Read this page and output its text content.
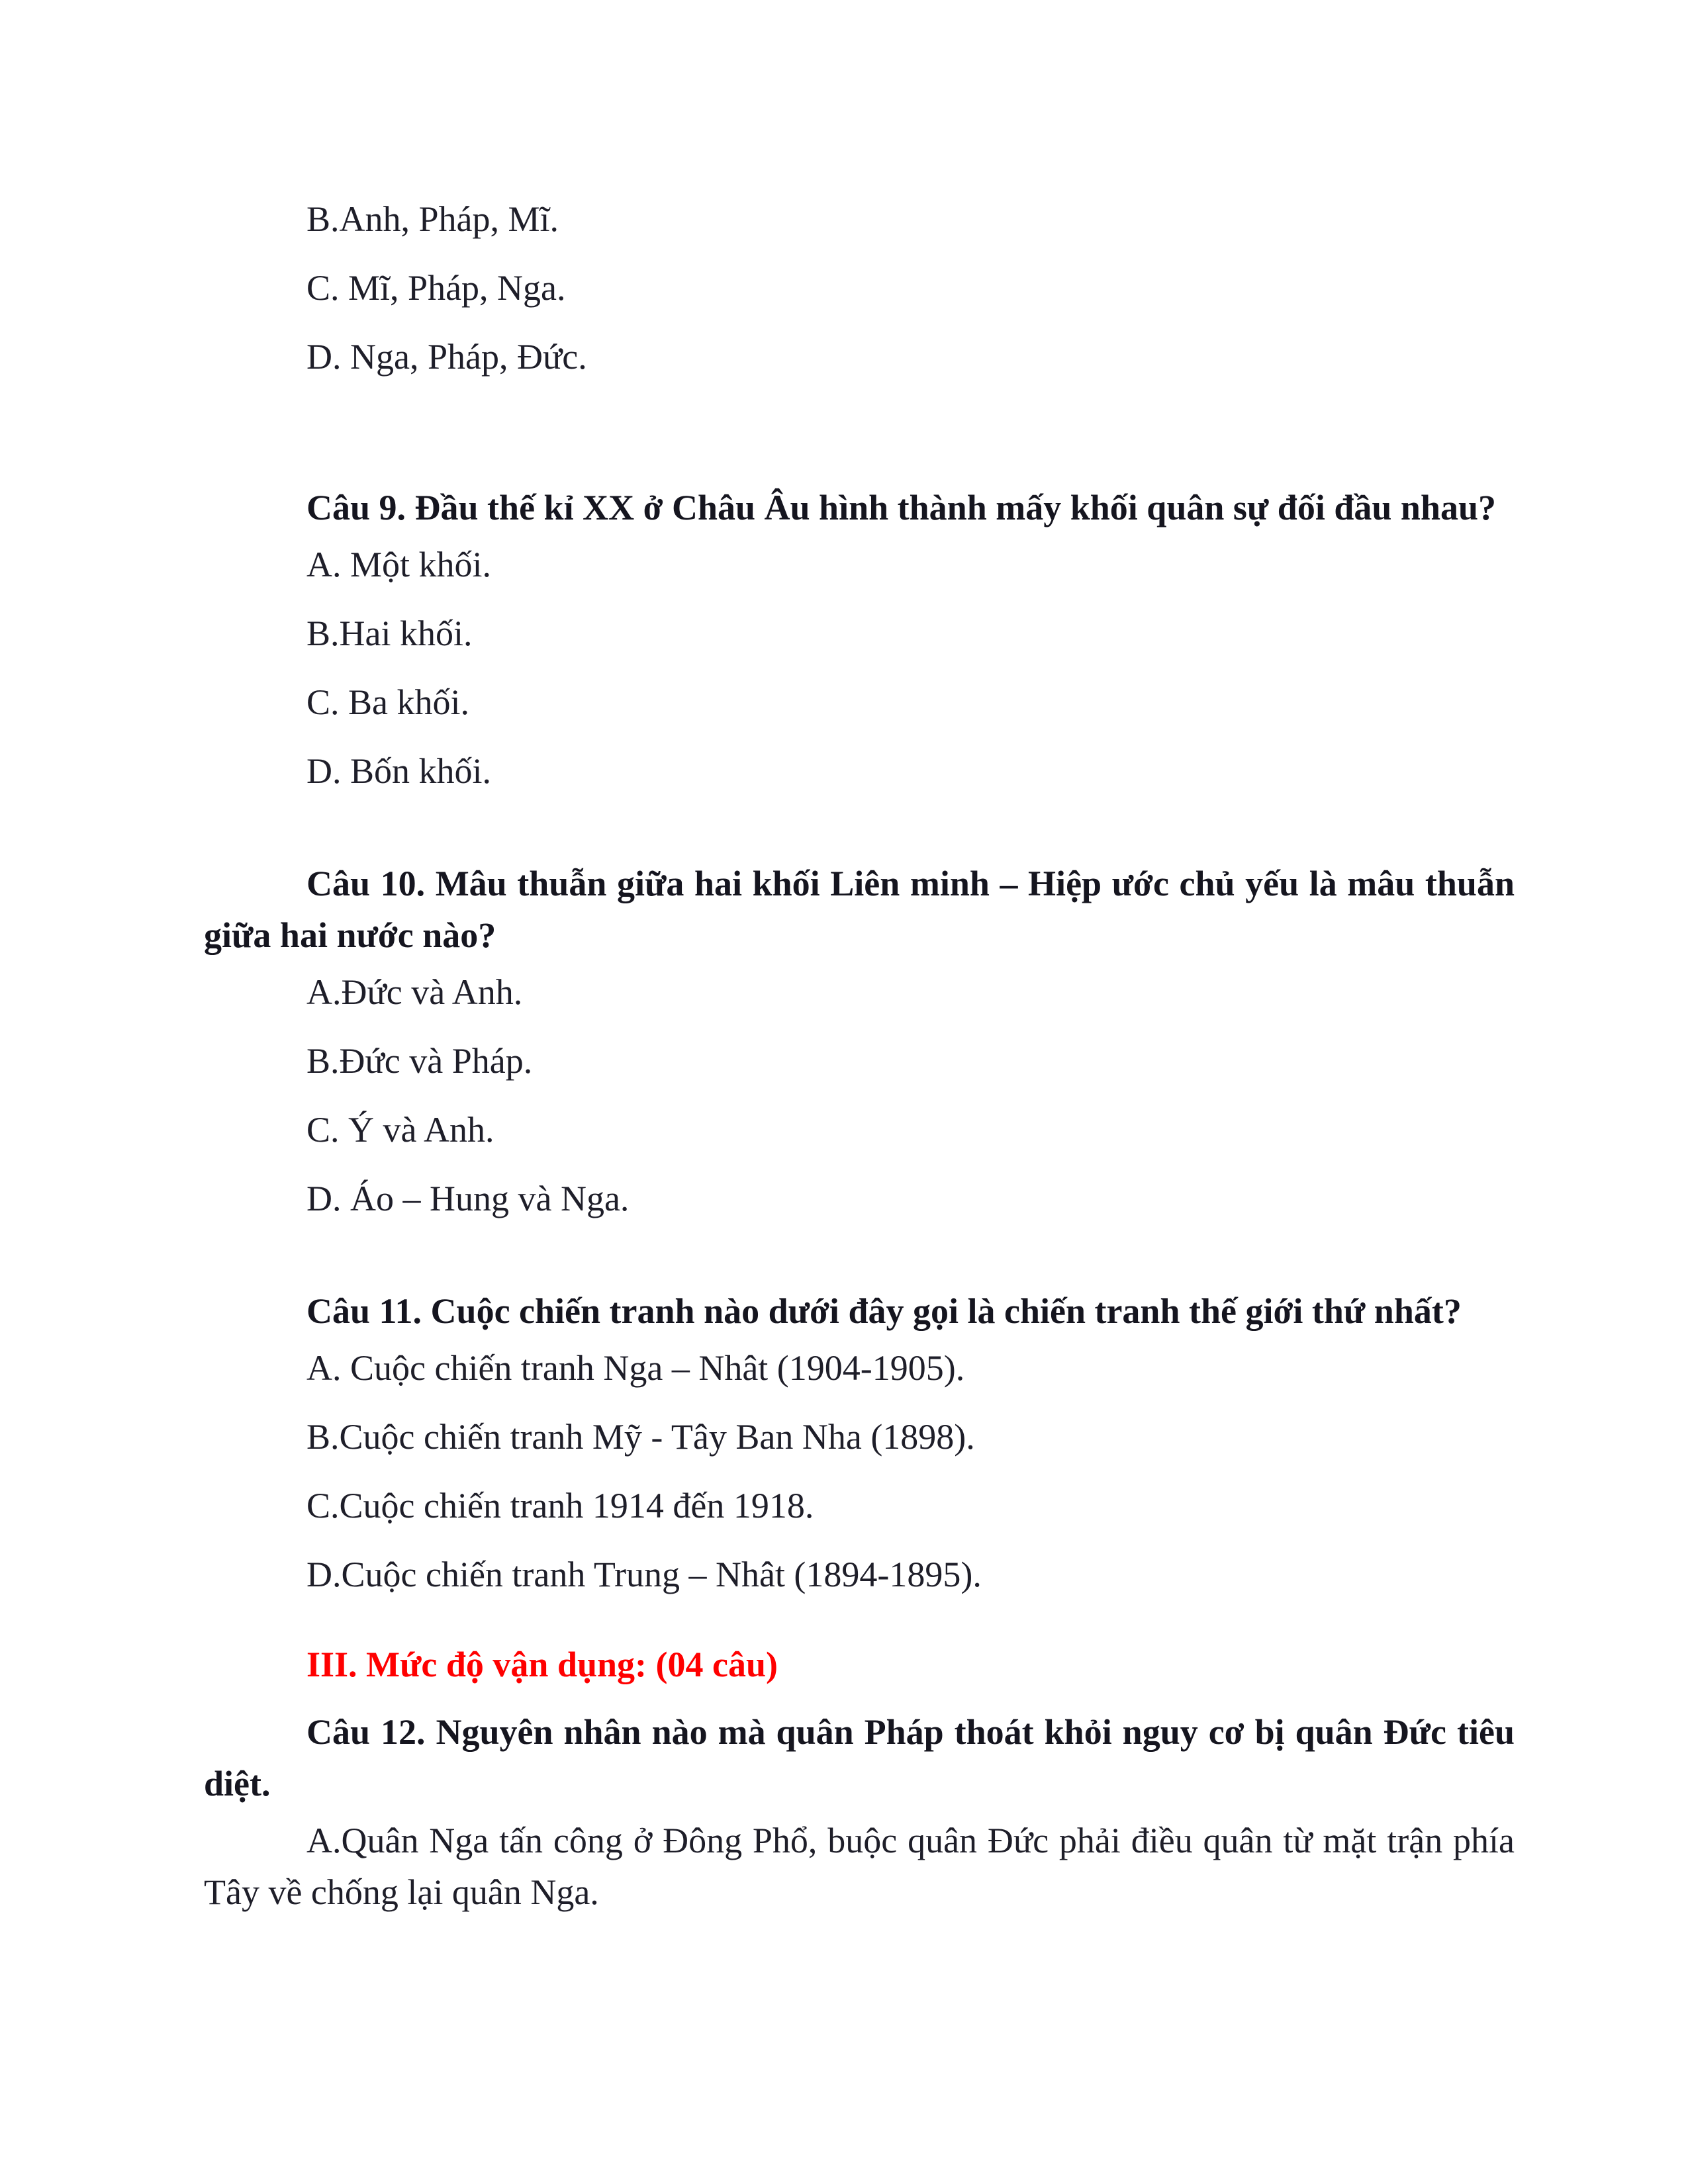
B.Anh, Pháp, Mĩ.

C. Mĩ, Pháp, Nga.

D. Nga, Pháp, Đức.

Câu 9. Đầu thế kỉ XX ở Châu Âu hình thành mấy khối quân sự đối đầu nhau?

A. Một khối.

B.Hai khối.

C. Ba khối.

D. Bốn khối.

Câu 10. Mâu thuẫn giữa hai khối Liên minh – Hiệp ước chủ yếu là mâu thuẫn giữa hai nước nào?

A.Đức và Anh.

B.Đức và Pháp.

C. Ý và Anh.

D. Áo – Hung và Nga.

Câu 11. Cuộc chiến tranh nào dưới đây gọi là chiến tranh thế giới thứ nhất?

A. Cuộc chiến tranh Nga – Nhât (1904-1905).

B.Cuộc chiến tranh Mỹ - Tây Ban Nha (1898).

C.Cuộc chiến tranh 1914 đến 1918.

D.Cuộc chiến tranh Trung – Nhât (1894-1895).

III. Mức độ vận dụng: (04 câu)

Câu 12. Nguyên nhân nào mà quân Pháp thoát khỏi nguy cơ bị quân Đức tiêu diệt.

A.Quân Nga tấn công ở Đông Phổ, buộc quân Đức phải điều quân từ mặt trận phía Tây về chống lại quân Nga.
